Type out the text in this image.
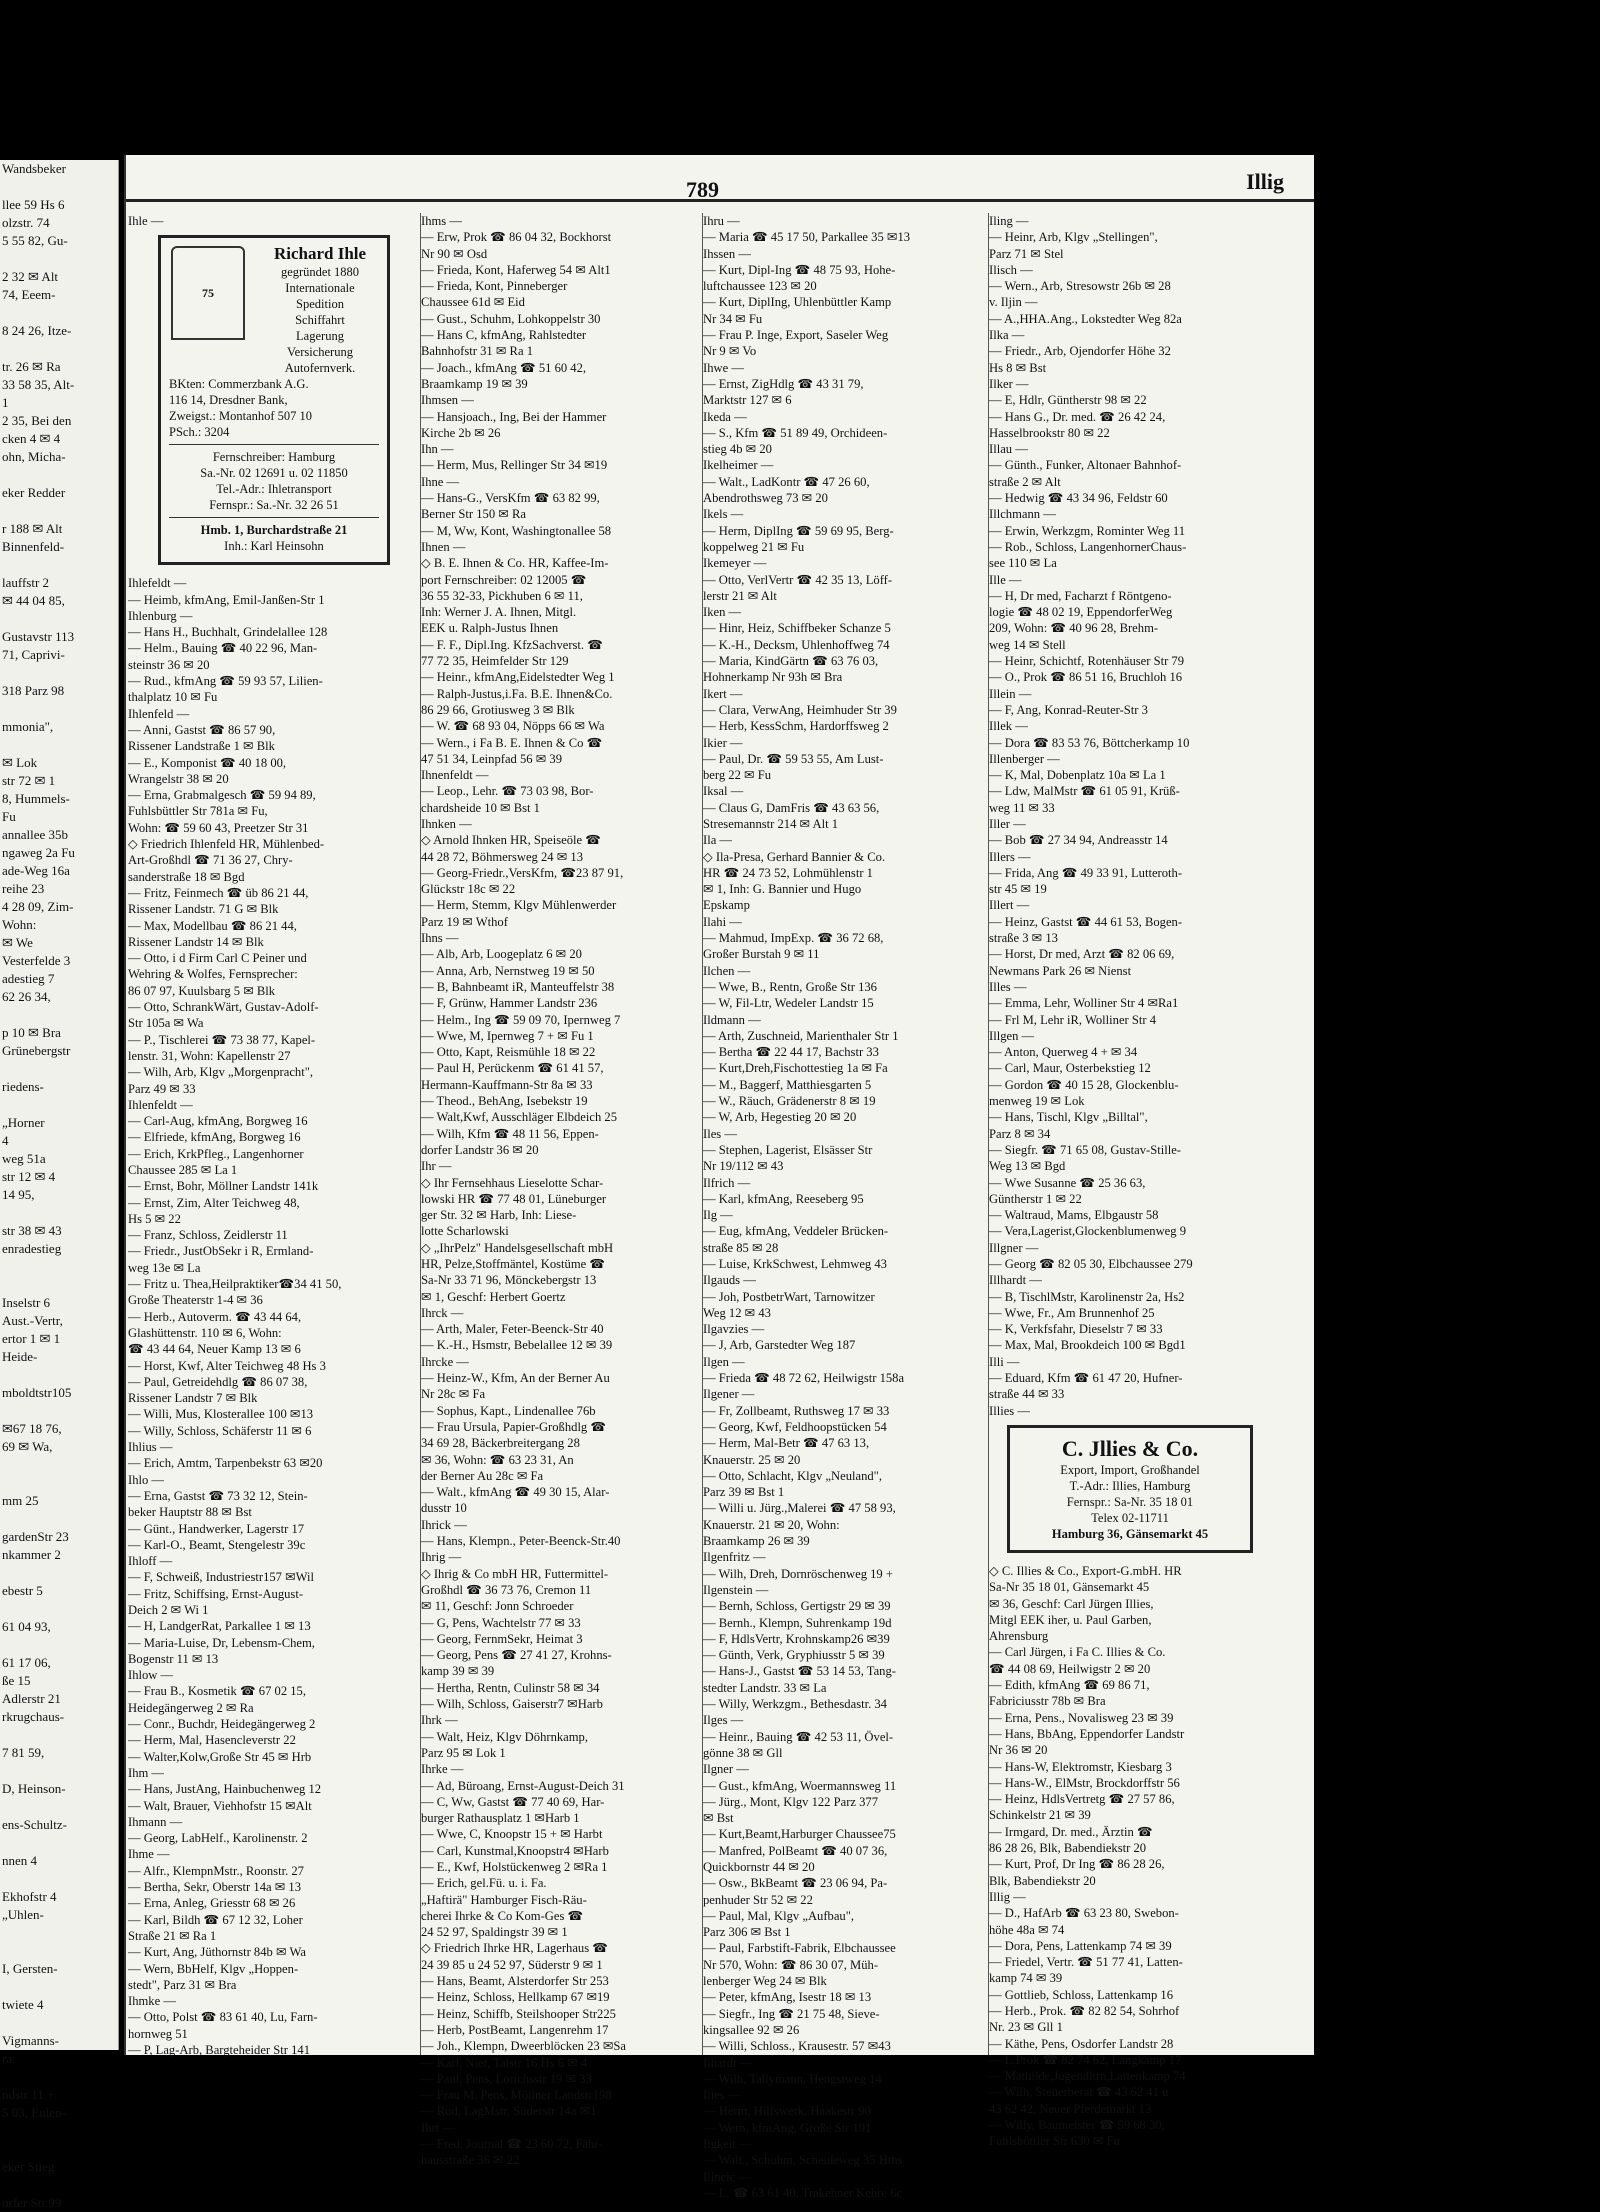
Wandsbeker
llee 59 Hs 6
olzstr. 74
5 55 82, Gu-
2 32 ✉ Alt
74, Eeem-
8 24 26, Itze-
tr. 26 ✉ Ra
33 58 35, Alt-
1
2 35, Bei den
cken 4 ✉ 4
ohn, Micha-
eker Redder
r 188 ✉ Alt
Binnenfeld-
lauffstr 2
✉ 44 04 85,
Gustavstr 113
71, Caprivi-
318 Parz 98
mmonia",
✉ Lok
str 72 ✉ 1
8, Hummels-
Fu
annallee 35b
ngaweg 2a Fu
ade-Weg 16a
reihe 23
4 28 09, Zim-
Wohn:
✉ We
Vesterfelde 3
adestieg 7
62 26 34,
p 10 ✉ Bra
Grünebergstr
riedens-
„Horner
4
weg 51a
str 12 ✉ 4
14 95,
str 38 ✉ 43
enradestieg
Inselstr 6
Aust.-Vertr,
ertor 1 ✉ 1
Heide-
mboldtstr105
✉67 18 76,
69 ✉ Wa,
mm 25
gardenStr 23
nkammer 2
ebestr 5
61 04 93,
61 17 06,
ße 15
Adlerstr 21
rkrugchaus-
7 81 59,
D, Heinson-
ens-Schultz-
nnen 4
Ekhofstr 4
„Uhlen-
I, Gersten-
twiete 4
Vigmanns-
ra
ndstr 11 +
5 03, Eulen-
eker Stieg
orfer Str.99
789	Illig
Ihle —
75
Richard Ihle
gegründet 1880
Internationale
Spedition
Schiffahrt
Lagerung
Versicherung
Autofernverk.
BKten: Commerzbank A.G.
116 14, Dresdner Bank,
Zweigst.: Montanhof 507 10
PSch.: 3204
Fernschreiber: Hamburg
Sa.-Nr. 02 12691 u. 02 11850
Tel.-Adr.: Ihletransport
Fernspr.: Sa.-Nr. 32 26 51
Hmb. 1, Burchardstraße 21
Inh.: Karl Heinsohn
Ihlefeldt —
— Heimb, kfmAng, Emil-Janßen-Str 1
Ihlenburg —
— Hans H., Buchhalt, Grindelallee 128
— Helm., Bauing ☎ 40 22 96, Man-
steinstr 36 ✉ 20
— Rud., kfmAng ☎ 59 93 57, Lilien-
thalplatz 10 ✉ Fu
Ihlenfeld —
— Anni, Gastst ☎ 86 57 90,
Rissener Landstraße 1 ✉ Blk
— E., Komponist ☎ 40 18 00,
Wrangelstr 38 ✉ 20
— Erna, Grabmalgesch ☎ 59 94 89,
Fuhlsbüttler Str 781a ✉ Fu,
Wohn: ☎ 59 60 43, Preetzer Str 31
◇ Friedrich Ihlenfeld HR, Mühlenbed-
Art-Großhdl ☎ 71 36 27, Chry-
sanderstraße 18 ✉ Bgd
— Fritz, Feinmech ☎ üb 86 21 44,
Rissener Landstr. 71 G ✉ Blk
— Max, Modellbau ☎ 86 21 44,
Rissener Landstr 14 ✉ Blk
— Otto, i d Firm Carl C Peiner und
Wehring & Wolfes, Fernsprecher:
86 07 97, Kuulsbarg 5 ✉ Blk
— Otto, SchrankWärt, Gustav-Adolf-
Str 105a ✉ Wa
— P., Tischlerei ☎ 73 38 77, Kapel-
lenstr. 31, Wohn: Kapellenstr 27
— Wilh, Arb, Klgv „Morgenpracht",
Parz 49 ✉ 33
Ihlenfeldt —
— Carl-Aug, kfmAng, Borgweg 16
— Elfriede, kfmAng, Borgweg 16
— Erich, KrkPfleg., Langenhorner
Chaussee 285 ✉ La 1
— Ernst, Bohr, Möllner Landstr 141k
— Ernst, Zim, Alter Teichweg 48,
Hs 5 ✉ 22
— Franz, Schloss, Zeidlerstr 11
— Friedr., JustObSekr i R, Ermland-
weg 13e ✉ La
— Fritz u. Thea,Heilpraktiker☎34 41 50,
Große Theaterstr 1-4 ✉ 36
— Herb., Autoverm. ☎ 43 44 64,
Glashüttenstr. 110 ✉ 6, Wohn:
☎ 43 44 64, Neuer Kamp 13 ✉ 6
— Horst, Kwf, Alter Teichweg 48 Hs 3
— Paul, Getreidehdlg ☎ 86 07 38,
Rissener Landstr 7 ✉ Blk
— Willi, Mus, Klosterallee 100 ✉13
— Willy, Schloss, Schäferstr 11 ✉ 6
Ihlius —
— Erich, Amtm, Tarpenbekstr 63 ✉20
Ihlo —
— Erna, Gastst ☎ 73 32 12, Stein-
beker Hauptstr 88 ✉ Bst
— Günt., Handwerker, Lagerstr 17
— Karl-O., Beamt, Stengelestr 39c
Ihloff —
— F, Schweiß, Industriestr157 ✉Wil
— Fritz, Schiffsing, Ernst-August-
Deich 2 ✉ Wi 1
— H, LandgerRat, Parkallee 1 ✉ 13
— Maria-Luise, Dr, Lebensm-Chem,
Bogenstr 11 ✉ 13
Ihlow —
— Frau B., Kosmetik ☎ 67 02 15,
Heidegängerweg 2 ✉ Ra
— Conr., Buchdr, Heidegängerweg 2
— Herm, Mal, Hasencleverstr 22
— Walter,Kolw,Große Str 45 ✉ Hrb
Ihm —
— Hans, JustAng, Hainbuchenweg 12
— Walt, Brauer, Viehhofstr 15 ✉Alt
Ihmann —
— Georg, LabHelf., Karolinenstr. 2
Ihme —
— Alfr., KlempnMstr., Roonstr. 27
— Bertha, Sekr, Oberstr 14a ✉ 13
— Erna, Anleg, Griesstr 68 ✉ 26
— Karl, Bildh ☎ 67 12 32, Loher
Straße 21 ✉ Ra 1
— Kurt, Ang, Jüthornstr 84b ✉ Wa
— Wern, BbHelf, Klgv „Hoppen-
stedt", Parz 31 ✉ Bra
Ihmke —
— Otto, Polst ☎ 83 61 40, Lu, Farn-
hornweg 51
— P, Lag-Arb, Bargteheider Str 141
Ihms —
— Erw, Prok ☎ 86 04 32, Bockhorst
Nr 90 ✉ Osd
— Frieda, Kont, Haferweg 54 ✉ Alt1
— Frieda, Kont, Pinneberger
Chaussee 61d ✉ Eid
— Gust., Schuhm, Lohkoppelstr 30
— Hans C, kfmAng, Rahlstedter
Bahnhofstr 31 ✉ Ra 1
— Joach., kfmAng ☎ 51 60 42,
Braamkamp 19 ✉ 39
Ihmsen —
— Hansjoach., Ing, Bei der Hammer
Kirche 2b ✉ 26
Ihn —
— Herm, Mus, Rellinger Str 34 ✉19
Ihne —
— Hans-G., VersKfm ☎ 63 82 99,
Berner Str 150 ✉ Ra
— M, Ww, Kont, Washingtonallee 58
Ihnen —
◇ B. E. Ihnen & Co. HR, Kaffee-Im-
port Fernschreiber: 02 12005 ☎
36 55 32-33, Pickhuben 6 ✉ 11,
Inh: Werner J. A. Ihnen, Mitgl.
EEK u. Ralph-Justus Ihnen
— F. F., Dipl.Ing. KfzSachverst. ☎
77 72 35, Heimfelder Str 129
— Heinr., kfmAng,Eidelstedter Weg 1
— Ralph-Justus,i.Fa. B.E. Ihnen&Co.
86 29 66, Grotiusweg 3 ✉ Blk
— W. ☎ 68 93 04, Nöpps 66 ✉ Wa
— Wern., i Fa B. E. Ihnen & Co ☎
47 51 34, Leinpfad 56 ✉ 39
Ihnenfeldt —
— Leop., Lehr. ☎ 73 03 98, Bor-
chardsheide 10 ✉ Bst 1
Ihnken —
◇ Arnold Ihnken HR, Speiseöle ☎
44 28 72, Böhmersweg 24 ✉ 13
— Georg-Friedr.,VersKfm, ☎23 87 91,
Glückstr 18c ✉ 22
— Herm, Stemm, Klgv Mühlenwerder
Parz 19 ✉ Wthof
Ihns —
— Alb, Arb, Loogeplatz 6 ✉ 20
— Anna, Arb, Nernstweg 19 ✉ 50
— B, Bahnbeamt iR, Manteuffelstr 38
— F, Grünw, Hammer Landstr 236
— Helm., Ing ☎ 59 09 70, Ipernweg 7
— Wwe, M, Ipernweg 7 + ✉ Fu 1
— Otto, Kapt, Reismühle 18 ✉ 22
— Paul H, Perückenm ☎ 61 41 57,
Hermann-Kauffmann-Str 8a ✉ 33
— Theod., BehAng, Isebekstr 19
— Walt,Kwf, Ausschläger Elbdeich 25
— Wilh, Kfm ☎ 48 11 56, Eppen-
dorfer Landstr 36 ✉ 20
Ihr —
◇ Ihr Fernsehhaus Lieselotte Schar-
lowski HR ☎ 77 48 01, Lüneburger
ger Str. 32 ✉ Harb, Inh: Liese-
lotte Scharlowski
◇ „IhrPelz" Handelsgesellschaft mbH
HR, Pelze,Stoffmäntel, Kostüme ☎
Sa-Nr 33 71 96, Mönckebergstr 13
✉ 1, Geschf: Herbert Goertz
Ihrck —
— Arth, Maler, Feter-Beenck-Str 40
— K.-H., Hsmstr, Bebelallee 12 ✉ 39
Ihrcke —
— Heinz-W., Kfm, An der Berner Au
Nr 28c ✉ Fa
— Sophus, Kapt., Lindenallee 76b
— Frau Ursula, Papier-Großhdlg ☎
34 69 28, Bäckerbreitergang 28
✉ 36, Wohn: ☎ 63 23 31, An
der Berner Au 28c ✉ Fa
— Walt., kfmAng ☎ 49 30 15, Alar-
dusstr 10
Ihrick —
— Hans, Klempn., Peter-Beenck-Str.40
Ihrig —
◇ Ihrig & Co mbH HR, Futtermittel-
Großhdl ☎ 36 73 76, Cremon 11
✉ 11, Geschf: Jonn Schroeder
— G, Pens, Wachtelstr 77 ✉ 33
— Georg, FernmSekr, Heimat 3
— Georg, Pens ☎ 27 41 27, Krohns-
kamp 39 ✉ 39
— Hertha, Rentn, Culinstr 58 ✉ 34
— Wilh, Schloss, Gaiserstr7 ✉Harb
Ihrk —
— Walt, Heiz, Klgv Döhrnkamp,
Parz 95 ✉ Lok 1
Ihrke —
— Ad, Büroang, Ernst-August-Deich 31
— C, Ww, Gastst ☎ 77 40 69, Har-
burger Rathausplatz 1 ✉Harb 1
— Wwe, C, Knoopstr 15 + ✉ Harbt
— Carl, Kunstmal,Knoopstr4 ✉Harb
— E., Kwf, Holstückenweg 2 ✉Ra 1
— Erich, gel.Fü. u. i. Fa.
„Haftirä" Hamburger Fisch-Räu-
cherei Ihrke & Co Kom-Ges ☎
24 52 97, Spaldingstr 39 ✉ 1
◇ Friedrich Ihrke HR, Lagerhaus ☎
24 39 85 u 24 52 97, Süderstr 9 ✉ 1
— Hans, Beamt, Alsterdorfer Str 253
— Heinz, Schloss, Hellkamp 67 ✉19
— Heinz, Schiffb, Steilshooper Str225
— Herb, PostBeamt, Langenrehm 17
— Joh., Klempn, Dweerblöcken 23 ✉Sa
— Karl, Niet, Talstr 16 Hs 6 ✉ 4
— Paul, Pens, Lorichsstr 19 ✉ 33
— Frau M, Pens, Möllner Landstr198
— Rud, LagMstr, Süderstr 14a ✉1
Ihrt —
— Fred, Journal ☎ 23 60 72, Fähr-
hausstraße 36 ✉ 22
Ihru —
— Maria ☎ 45 17 50, Parkallee 35 ✉13
Ihssen —
— Kurt, Dipl-Ing ☎ 48 75 93, Hohe-
luftchaussee 123 ✉ 20
— Kurt, DiplIng, Uhlenbüttler Kamp
Nr 34 ✉ Fu
— Frau P. Inge, Export, Saseler Weg
Nr 9 ✉ Vo
Ihwe —
— Ernst, ZigHdlg ☎ 43 31 79,
Marktstr 127 ✉ 6
Ikeda —
— S., Kfm ☎ 51 89 49, Orchideen-
stieg 4b ✉ 20
Ikelheimer —
— Walt., LadKontr ☎ 47 26 60,
Abendrothsweg 73 ✉ 20
Ikels —
— Herm, DiplIng ☎ 59 69 95, Berg-
koppelweg 21 ✉ Fu
Ikemeyer —
— Otto, VerlVertr ☎ 42 35 13, Löff-
lerstr 21 ✉ Alt
Iken —
— Hinr, Heiz, Schiffbeker Schanze 5
— K.-H., Decksm, Uhlenhoffweg 74
— Maria, KindGärtn ☎ 63 76 03,
Hohnerkamp Nr 93h ✉ Bra
Ikert —
— Clara, VerwAng, Heimhuder Str 39
— Herb, KessSchm, Hardorffsweg 2
Ikier —
— Paul, Dr. ☎ 59 53 55, Am Lust-
berg 22 ✉ Fu
Iksal —
— Claus G, DamFris ☎ 43 63 56,
Stresemannstr 214 ✉ Alt 1
Ila —
◇ Ila-Presa, Gerhard Bannier & Co.
HR ☎ 24 73 52, Lohmühlenstr 1
✉ 1, Inh: G. Bannier und Hugo
Epskamp
Ilahi —
— Mahmud, ImpExp. ☎ 36 72 68,
Großer Burstah 9 ✉ 11
Ilchen —
— Wwe, B., Rentn, Große Str 136
— W, Fil-Ltr, Wedeler Landstr 15
Ildmann —
— Arth, Zuschneid, Marienthaler Str 1
— Bertha ☎ 22 44 17, Bachstr 33
— Kurt,Dreh,Fischottestieg 1a ✉ Fa
— M., Baggerf, Matthiesgarten 5
— W., Räuch, Grädenerstr 8 ✉ 19
— W, Arb, Hegestieg 20 ✉ 20
Iles —
— Stephen, Lagerist, Elsässer Str
Nr 19/112 ✉ 43
Ilfrich —
— Karl, kfmAng, Reeseberg 95
Ilg —
— Eug, kfmAng, Veddeler Brücken-
straße 85 ✉ 28
— Luise, KrkSchwest, Lehmweg 43
Ilgauds —
— Joh, PostbetrWart, Tarnowitzer
Weg 12 ✉ 43
Ilgavzies —
— J, Arb, Garstedter Weg 187
Ilgen —
— Frieda ☎ 48 72 62, Heilwigstr 158a
Ilgener —
— Fr, Zollbeamt, Ruthsweg 17 ✉ 33
— Georg, Kwf, Feldhoopstücken 54
— Herm, Mal-Betr ☎ 47 63 13,
Knauerstr. 25 ✉ 20
— Otto, Schlacht, Klgv „Neuland",
Parz 39 ✉ Bst 1
— Willi u. Jürg.,Malerei ☎ 47 58 93,
Knauerstr. 21 ✉ 20, Wohn:
Braamkamp 26 ✉ 39
Ilgenfritz —
— Wilh, Dreh, Dornröschenweg 19 +
Ilgenstein —
— Bernh, Schloss, Gertigstr 29 ✉ 39
— Bernh., Klempn, Suhrenkamp 19d
— F, HdlsVertr, Krohnskamp26 ✉39
— Günth, Verk, Gryphiusstr 5 ✉ 39
— Hans-J., Gastst ☎ 53 14 53, Tang-
stedter Landstr. 33 ✉ La
— Willy, Werkzgm., Bethesdastr. 34
Ilges —
— Heinr., Bauing ☎ 42 53 11, Övel-
gönne 38 ✉ Gll
Ilgner —
— Gust., kfmAng, Woermannsweg 11
— Jürg., Mont, Klgv 122 Parz 377
✉ Bst
— Kurt,Beamt,Harburger Chaussee75
— Manfred, PolBeamt ☎ 40 07 36,
Quickbornstr 44 ✉ 20
— Osw., BkBeamt ☎ 23 06 94, Pa-
penhuder Str 52 ✉ 22
— Paul, Mal, Klgv „Aufbau",
Parz 306 ✉ Bst 1
— Paul, Farbstift-Fabrik, Elbchaussee
Nr 570, Wohn: ☎ 86 30 07, Müh-
lenberger Weg 24 ✉ Blk
— Peter, kfmAng, Isestr 18 ✉ 13
— Siegfr., Ing ☎ 21 75 48, Sieve-
kingsallee 92 ✉ 26
— Willi, Schloss., Krausestr. 57 ✉43
Ilhardt —
— Wilh, Tallymann, Hengstweg 14
Ilies —
— Herm, Hilfswerk, Haakestr 90
— Wern, kfmAng, Große Str 191
Ilgkeit —
— Walt., Schuhm, Scheideweg 35 Hths
Ilincic —
— L. ☎ 63 61 40, Trakehner Kehre 6c
Iling —
— Heinr, Arb, Klgv „Stellingen",
Parz 71 ✉ Stel
Ilisch —
— Wern., Arb, Stresowstr 26b ✉ 28
v. Iljin —
— A.,HHA.Ang., Lokstedter Weg 82a
Ilka —
— Friedr., Arb, Ojendorfer Höhe 32
Hs 8 ✉ Bst
Ilker —
— E, Hdlr, Güntherstr 98 ✉ 22
— Hans G., Dr. med. ☎ 26 42 24,
Hasselbrookstr 80 ✉ 22
Illau —
— Günth., Funker, Altonaer Bahnhof-
straße 2 ✉ Alt
— Hedwig ☎ 43 34 96, Feldstr 60
Illchmann —
— Erwin, Werkzgm, Rominter Weg 11
— Rob., Schloss, LangenhornerChaus-
see 110 ✉ La
Ille —
— H, Dr med, Facharzt f Röntgeno-
logie ☎ 48 02 19, EppendorferWeg
209, Wohn: ☎ 40 96 28, Brehm-
weg 14 ✉ Stell
— Heinr, Schichtf, Rotenhäuser Str 79
— O., Prok ☎ 86 51 16, Bruchloh 16
Illein —
— F, Ang, Konrad-Reuter-Str 3
Illek —
— Dora ☎ 83 53 76, Böttcherkamp 10
Illenberger —
— K, Mal, Dobenplatz 10a ✉ La 1
— Ldw, MalMstr ☎ 61 05 91, Krüß-
weg 11 ✉ 33
Iller —
— Bob ☎ 27 34 94, Andreasstr 14
Illers —
— Frida, Ang ☎ 49 33 91, Lutteroth-
str 45 ✉ 19
Illert —
— Heinz, Gastst ☎ 44 61 53, Bogen-
straße 3 ✉ 13
— Horst, Dr med, Arzt ☎ 82 06 69,
Newmans Park 26 ✉ Nienst
Illes —
— Emma, Lehr, Wolliner Str 4 ✉Ra1
— Frl M, Lehr iR, Wolliner Str 4
Illgen —
— Anton, Querweg 4 + ✉ 34
— Carl, Maur, Osterbekstieg 12
— Gordon ☎ 40 15 28, Glockenblu-
menweg 19 ✉ Lok
— Hans, Tischl, Klgv „Billtal",
Parz 8 ✉ 34
— Siegfr. ☎ 71 65 08, Gustav-Stille-
Weg 13 ✉ Bgd
— Wwe Susanne ☎ 25 36 63,
Güntherstr 1 ✉ 22
— Waltraud, Mams, Elbgaustr 58
— Vera,Lagerist,Glockenblumenweg 9
Illgner —
— Georg ☎ 82 05 30, Elbchaussee 279
Illhardt —
— B, TischlMstr, Karolinenstr 2a, Hs2
— Wwe, Fr., Am Brunnenhof 25
— K, Verkfsfahr, Dieselstr 7 ✉ 33
— Max, Mal, Brookdeich 100 ✉ Bgd1
Illi —
— Eduard, Kfm ☎ 61 47 20, Hufner-
straße 44 ✉ 33
Illies —
C. Jllies & Co.
Export, Import, Großhandel
T.-Adr.: Illies, Hamburg
Fernspr.: Sa-Nr. 35 18 01
Telex 02-11711
Hamburg 36, Gänsemarkt 45
◇ C. Illies & Co., Export-G.mbH. HR
Sa-Nr 35 18 01, Gänsemarkt 45
✉ 36, Geschf: Carl Jürgen Illies,
Mitgl EEK iher, u. Paul Garben,
Ahrensburg
— Carl Jürgen, i Fa C. Illies & Co.
☎ 44 08 69, Heilwigstr 2 ✉ 20
— Edith, kfmAng ☎ 69 86 71,
Fabriciusstr 78b ✉ Bra
— Erna, Pens., Novalisweg 23 ✉ 39
— Hans, BbAng, Eppendorfer Landstr
Nr 36 ✉ 20
— Hans-W, Elektromstr, Kiesbarg 3
— Hans-W., ElMstr, Brockdorffstr 56
— Heinz, HdlsVertretg ☎ 27 57 86,
Schinkelstr 21 ✉ 39
— Irmgard, Dr. med., Ärztin ☎
86 28 26, Blk, Babendiekstr 20
— Kurt, Prof, Dr Ing ☎ 86 28 26,
Blk, Babendiekstr 20
Illig —
— D., HafArb ☎ 63 23 80, Swebon-
höhe 48a ✉ 74
— Dora, Pens, Lattenkamp 74 ✉ 39
— Friedel, Vertr. ☎ 51 77 41, Latten-
kamp 74 ✉ 39
— Gottlieb, Schloss, Lattenkamp 16
— Herb., Prok. ☎ 82 82 54, Sohrhof
Nr. 23 ✉ Gll 1
— Käthe, Pens, Osdorfer Landstr 28
— L.Prok ☎ 82 74 62, Langkamp 17
— Mathilde,Jugendltrn,Lattenkamp 74
— Wilh, Steuerberat ☎ 43 62 41 u
43 62 42, Neuer Pferdemarkt 13
— Willy, Baumeister ☎ 59 68 30,
Fuhlsbüttler Str 630 ✉ Fu
